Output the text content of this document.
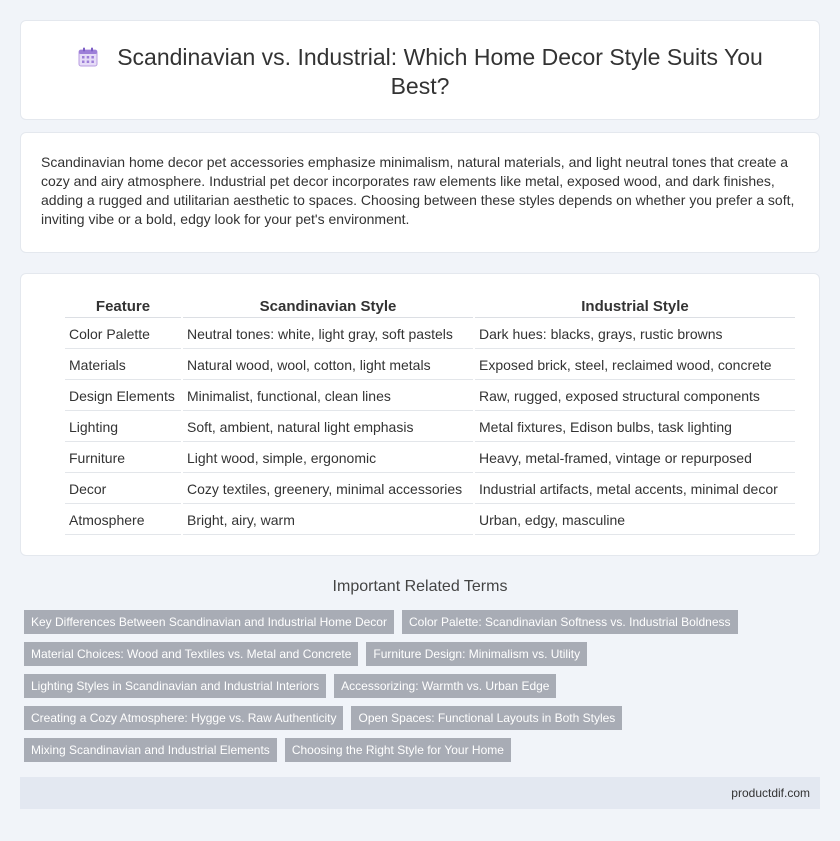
Scandinavian vs. Industrial: Which Home Decor Style Suits You Best?

Scandinavian home decor pet accessories emphasize minimalism, natural materials, and light neutral tones that create a cozy and airy atmosphere. Industrial pet decor incorporates raw elements like metal, exposed wood, and dark finishes, adding a rugged and utilitarian aesthetic to spaces. Choosing between these styles depends on whether you prefer a soft, inviting vibe or a bold, edgy look for your pet's environment.

Feature	Scandinavian Style	Industrial Style
Color Palette	Neutral tones: white, light gray, soft pastels	Dark hues: blacks, grays, rustic browns
Materials	Natural wood, wool, cotton, light metals	Exposed brick, steel, reclaimed wood, concrete
Design Elements	Minimalist, functional, clean lines	Raw, rugged, exposed structural components
Lighting	Soft, ambient, natural light emphasis	Metal fixtures, Edison bulbs, task lighting
Furniture	Light wood, simple, ergonomic	Heavy, metal-framed, vintage or repurposed
Decor	Cozy textiles, greenery, minimal accessories	Industrial artifacts, metal accents, minimal decor
Atmosphere	Bright, airy, warm	Urban, edgy, masculine
Important Related Terms
Key Differences Between Scandinavian and Industrial Home Decor	Color Palette: Scandinavian Softness vs. Industrial Boldness
Material Choices: Wood and Textiles vs. Metal and Concrete	Furniture Design: Minimalism vs. Utility
Lighting Styles in Scandinavian and Industrial Interiors	Accessorizing: Warmth vs. Urban Edge
Creating a Cozy Atmosphere: Hygge vs. Raw Authenticity	Open Spaces: Functional Layouts in Both Styles
Mixing Scandinavian and Industrial Elements	Choosing the Right Style for Your Home
productdif.com
